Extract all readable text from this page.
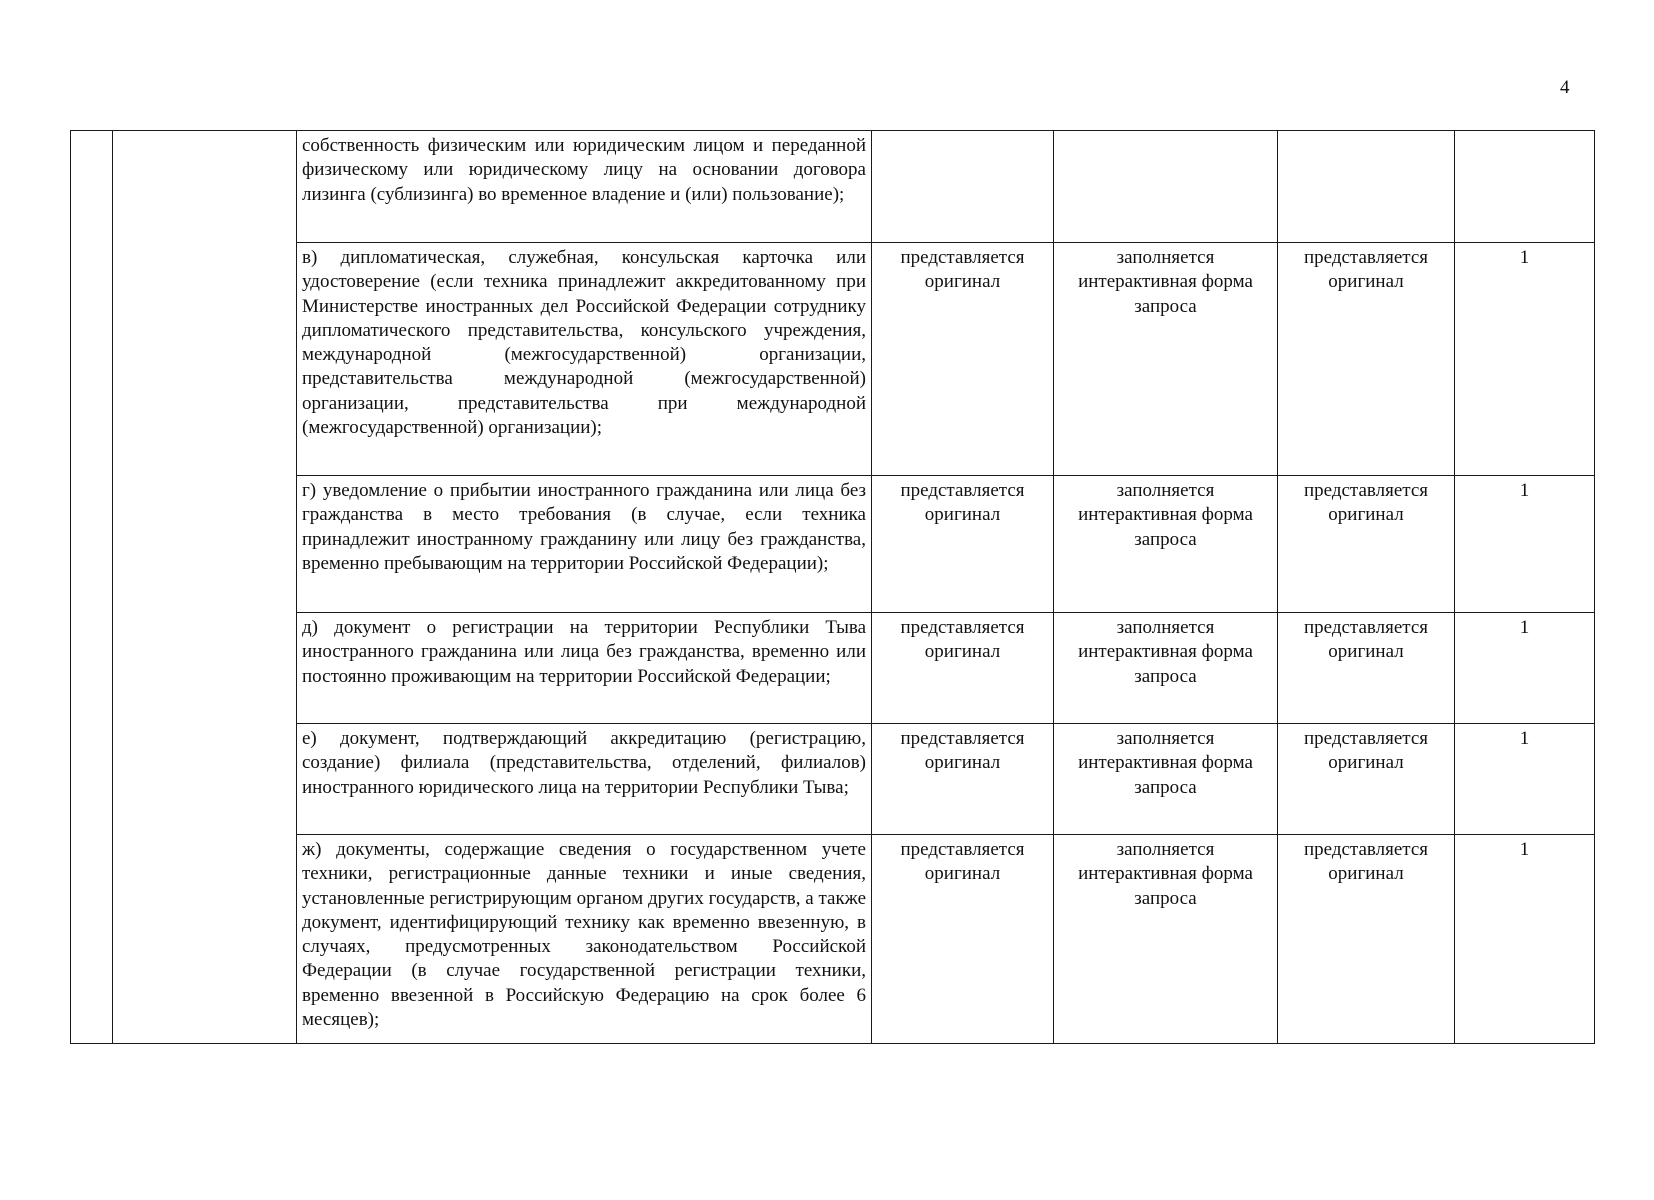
4
		собственность физическим или юридическим лицом и переданной физическому или юридическому лицу на основании договора лизинга (сублизинга) во временное владение и (или) пользование);				
		в) дипломатическая, служебная, консульская карточка или удостоверение (если техника принадлежит аккредитованному при Министерстве иностранных дел Российской Федерации сотруднику дипломатического представительства, консульского учреждения, международной (межгосударственной) организации, представительства международной (межгосударственной) организации, представительства при международной (межгосударственной) организации);	представляется оригинал	заполняется интерактивная форма запроса	представляется оригинал	1
		г) уведомление о прибытии иностранного гражданина или лица без гражданства в место требования (в случае, если техника принадлежит иностранному гражданину или лицу без гражданства, временно пребывающим на территории Российской Федерации);	представляется оригинал	заполняется интерактивная форма запроса	представляется оригинал	1
		д) документ о регистрации на территории Республики Тыва иностранного гражданина или лица без гражданства, временно или постоянно проживающим на территории Российской Федерации;	представляется оригинал	заполняется интерактивная форма запроса	представляется оригинал	1
		е) документ, подтверждающий аккредитацию (регистрацию, создание) филиала (представительства, отделений, филиалов) иностранного юридического лица на территории Республики Тыва;	представляется оригинал	заполняется интерактивная форма запроса	представляется оригинал	1
		ж) документы, содержащие сведения о государственном учете техники, регистрационные данные техники и иные сведения, установленные регистрирующим органом других государств, а также документ, идентифицирующий технику как временно ввезенную, в случаях, предусмотренных законодательством Российской Федерации (в случае государственной регистрации техники, временно ввезенной в Российскую Федерацию на срок более 6 месяцев);	представляется оригинал	заполняется интерактивная форма запроса	представляется оригинал	1
